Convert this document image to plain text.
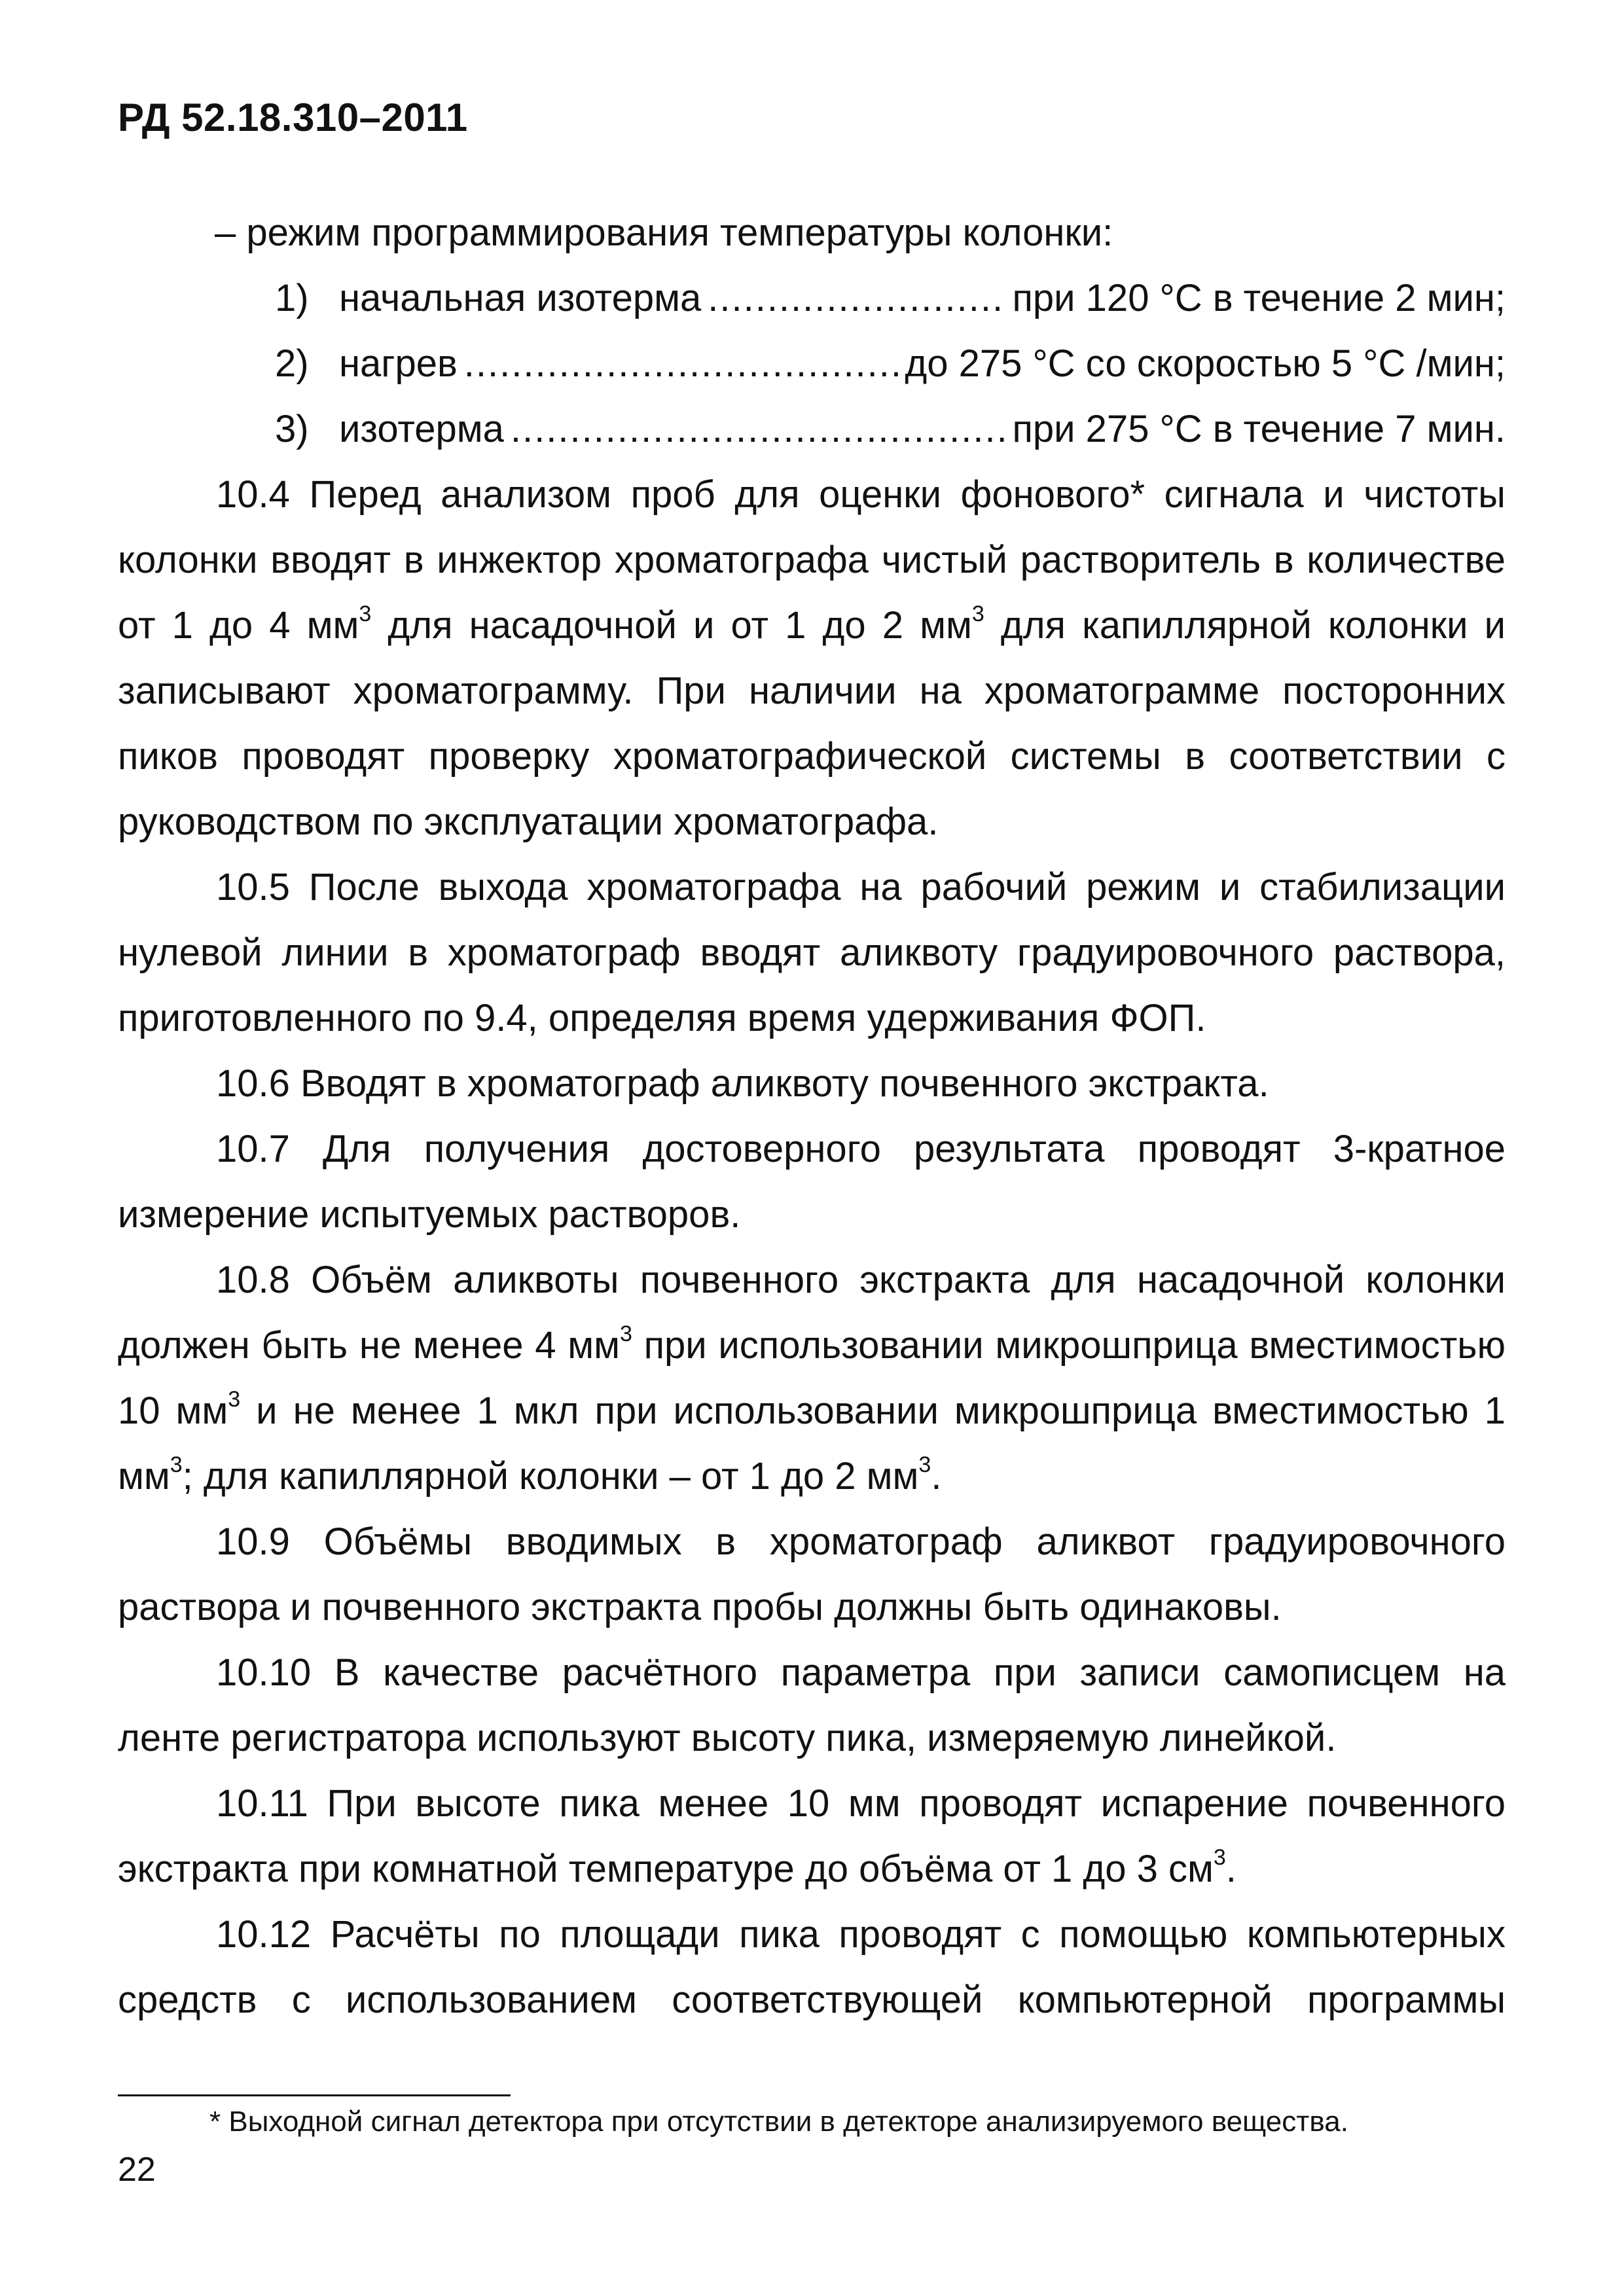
РД 52.18.310–2011
– режим программирования температуры колонки:
1) начальная изотерма .....	при 120 °С в течение 2 мин;
2) нагрев .....	до 275 °С со скоростью 5 °С /мин;
3) изотерма .....	при 275 °С в течение 7 мин.

10.4 Перед анализом проб для оценки фонового* сигнала и чистоты колонки вводят в инжектор хроматографа чистый растворитель в количестве от 1 до 4 $мм^3$ для насадочной и от 1 до 2 $мм^3$ для капиллярной колонки и записывают хроматограмму. При наличии на хроматограмме посторонних пиков проводят проверку хроматографической системы в соответствии с руководством по эксплуатации хроматографа.

10.5 После выхода хроматографа на рабочий режим и стабилизации нулевой линии в хроматограф вводят аликвоту градуировочного раствора, приготовленного по 9.4, определяя время удерживания ФОП.

10.6 Вводят в хроматограф аликвоту почвенного экстракта.

10.7 Для получения достоверного результата проводят 3-кратное измерение испытуемых растворов.

10.8 Объём аликвоты почвенного экстракта для насадочной колонки должен быть не менее 4 $мм^3$ при использовании микрошприца вместимостью 10 $мм^3$ и не менее 1 мкл при использовании микрошприца вместимостью 1 $мм^3$; для капиллярной колонки – от 1 до 2 $мм^3$.

10.9 Объёмы вводимых в хроматограф аликвот градуировочного раствора и почвенного экстракта пробы должны быть одинаковы.

10.10 В качестве расчётного параметра при записи самописцем на ленте регистратора используют высоту пика, измеряемую линейкой.

10.11 При высоте пика менее 10 мм проводят испарение почвенного экстракта при комнатной температуре до объёма от 1 до 3 $см^3$.

10.12 Расчёты по площади пика проводят с помощью компьютерных средств с использованием соответствующей компьютерной программы

* Выходной сигнал детектора при отсутствии в детекторе анализируемого вещества.
22
